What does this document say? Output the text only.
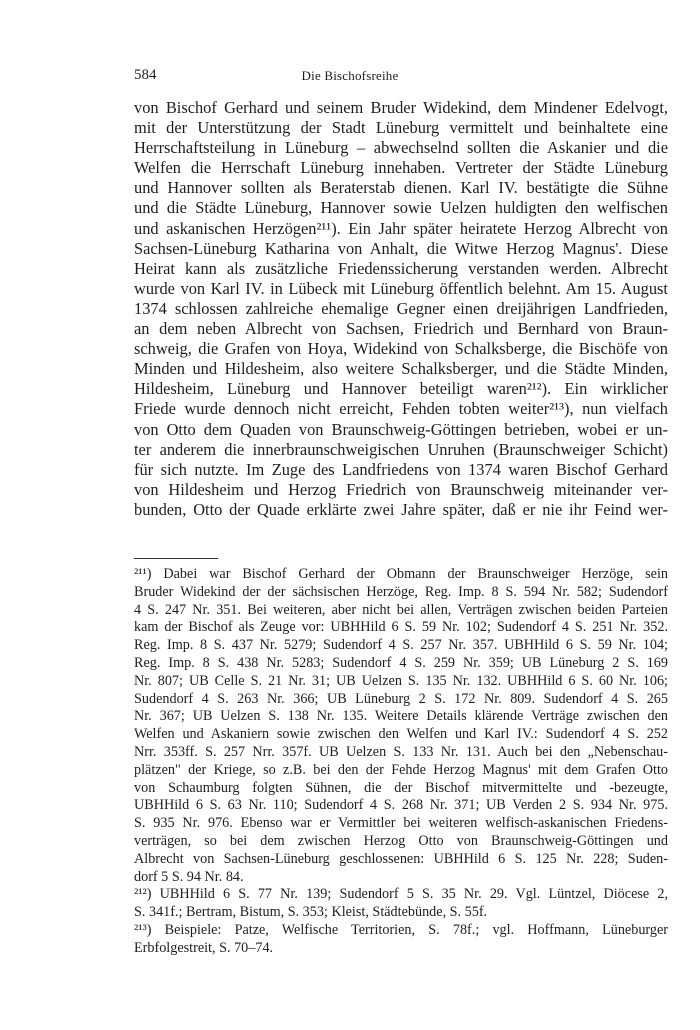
584	Die Bischofsreihe
von Bischof Gerhard und seinem Bruder Widekind, dem Mindener Edelvogt,
mit der Unterstützung der Stadt Lüneburg vermittelt und beinhaltete eine
Herrschaftsteilung in Lüneburg – abwechselnd sollten die Askanier und die
Welfen die Herrschaft Lüneburg innehaben. Vertreter der Städte Lüneburg
und Hannover sollten als Beraterstab dienen. Karl IV. bestätigte die Sühne
und die Städte Lüneburg, Hannover sowie Uelzen huldigten den welfischen
und askanischen Herzögen²¹¹). Ein Jahr später heiratete Herzog Albrecht von
Sachsen-Lüneburg Katharina von Anhalt, die Witwe Herzog Magnus'. Diese
Heirat kann als zusätzliche Friedenssicherung verstanden werden. Albrecht
wurde von Karl IV. in Lübeck mit Lüneburg öffentlich belehnt. Am 15. August
1374 schlossen zahlreiche ehemalige Gegner einen dreijährigen Landfrieden,
an dem neben Albrecht von Sachsen, Friedrich und Bernhard von Braun-
schweig, die Grafen von Hoya, Widekind von Schalksberge, die Bischöfe von
Minden und Hildesheim, also weitere Schalksberger, und die Städte Minden,
Hildesheim, Lüneburg und Hannover beteiligt waren²¹²). Ein wirklicher
Friede wurde dennoch nicht erreicht, Fehden tobten weiter²¹³), nun vielfach
von Otto dem Quaden von Braunschweig-Göttingen betrieben, wobei er un-
ter anderem die innerbraunschweigischen Unruhen (Braunschweiger Schicht)
für sich nutzte. Im Zuge des Landfriedens von 1374 waren Bischof Gerhard
von Hildesheim und Herzog Friedrich von Braunschweig miteinander ver-
bunden, Otto der Quade erklärte zwei Jahre später, daß er nie ihr Feind wer-
²¹¹) Dabei war Bischof Gerhard der Obmann der Braunschweiger Herzöge, sein
Bruder Widekind der der sächsischen Herzöge, Reg. Imp. 8 S. 594 Nr. 582; Sudendorf
4 S. 247 Nr. 351. Bei weiteren, aber nicht bei allen, Verträgen zwischen beiden Parteien
kam der Bischof als Zeuge vor: UBHHild 6 S. 59 Nr. 102; Sudendorf 4 S. 251 Nr. 352.
Reg. Imp. 8 S. 437 Nr. 5279; Sudendorf 4 S. 257 Nr. 357. UBHHild 6 S. 59 Nr. 104;
Reg. Imp. 8 S. 438 Nr. 5283; Sudendorf 4 S. 259 Nr. 359; UB Lüneburg 2 S. 169
Nr. 807; UB Celle S. 21 Nr. 31; UB Uelzen S. 135 Nr. 132. UBHHild 6 S. 60 Nr. 106;
Sudendorf 4 S. 263 Nr. 366; UB Lüneburg 2 S. 172 Nr. 809. Sudendorf 4 S. 265
Nr. 367; UB Uelzen S. 138 Nr. 135. Weitere Details klärende Verträge zwischen den
Welfen und Askaniern sowie zwischen den Welfen und Karl IV.: Sudendorf 4 S. 252
Nrr. 353ff. S. 257 Nrr. 357f. UB Uelzen S. 133 Nr. 131. Auch bei den „Nebenschau-
plätzen" der Kriege, so z.B. bei den der Fehde Herzog Magnus' mit dem Grafen Otto
von Schaumburg folgten Sühnen, die der Bischof mitvermittelte und -bezeugte,
UBHHild 6 S. 63 Nr. 110; Sudendorf 4 S. 268 Nr. 371; UB Verden 2 S. 934 Nr. 975.
S. 935 Nr. 976. Ebenso war er Vermittler bei weiteren welfisch-askanischen Friedens-
verträgen, so bei dem zwischen Herzog Otto von Braunschweig-Göttingen und
Albrecht von Sachsen-Lüneburg geschlossenen: UBHHild 6 S. 125 Nr. 228; Suden-
dorf 5 S. 94 Nr. 84.
²¹²) UBHHild 6 S. 77 Nr. 139; Sudendorf 5 S. 35 Nr. 29. Vgl. Lüntzel, Diöcese 2,
S. 341f.; Bertram, Bistum, S. 353; Kleist, Städtebünde, S. 55f.
²¹³) Beispiele: Patze, Welfische Territorien, S. 78f.; vgl. Hoffmann, Lüneburger
Erbfolgestreit, S. 70–74.
